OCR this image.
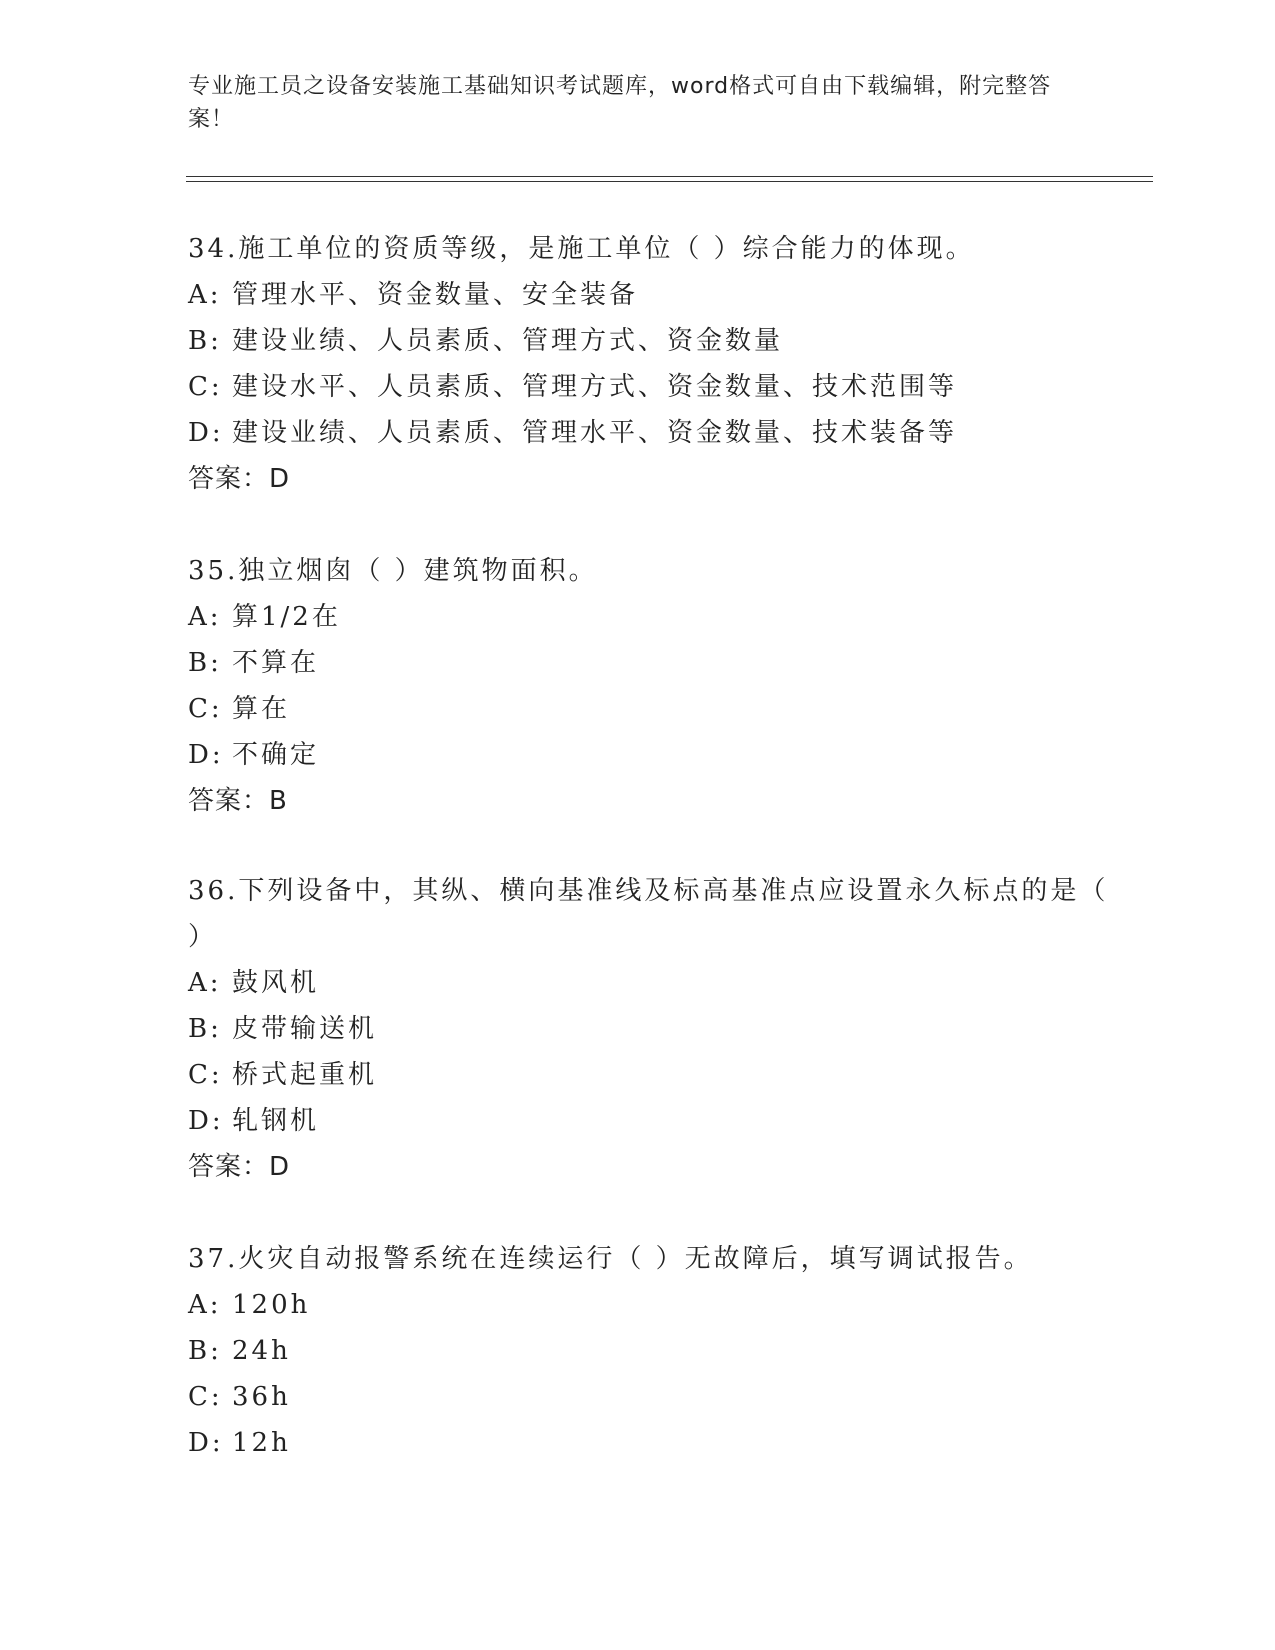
专业施工员之设备安装施工基础知识考试题库，word格式可自由下载编辑，附完整答案！

34.施工单位的资质等级，是施工单位（ ）综合能力的体现。

A: 管理水平、资金数量、安全装备

B: 建设业绩、人员素质、管理方式、资金数量

C: 建设水平、人员素质、管理方式、资金数量、技术范围等

D: 建设业绩、人员素质、管理水平、资金数量、技术装备等

答案：D

35.独立烟囱（ ）建筑物面积。

A: 算1/2在

B: 不算在

C: 算在

D: 不确定

答案：B

36.下列设备中，其纵、横向基准线及标高基准点应设置永久标点的是（ ）

A: 鼓风机

B: 皮带输送机

C: 桥式起重机

D: 轧钢机

答案：D

37.火灾自动报警系统在连续运行（ ）无故障后，填写调试报告。

A: 120h

B: 24h

C: 36h

D: 12h
